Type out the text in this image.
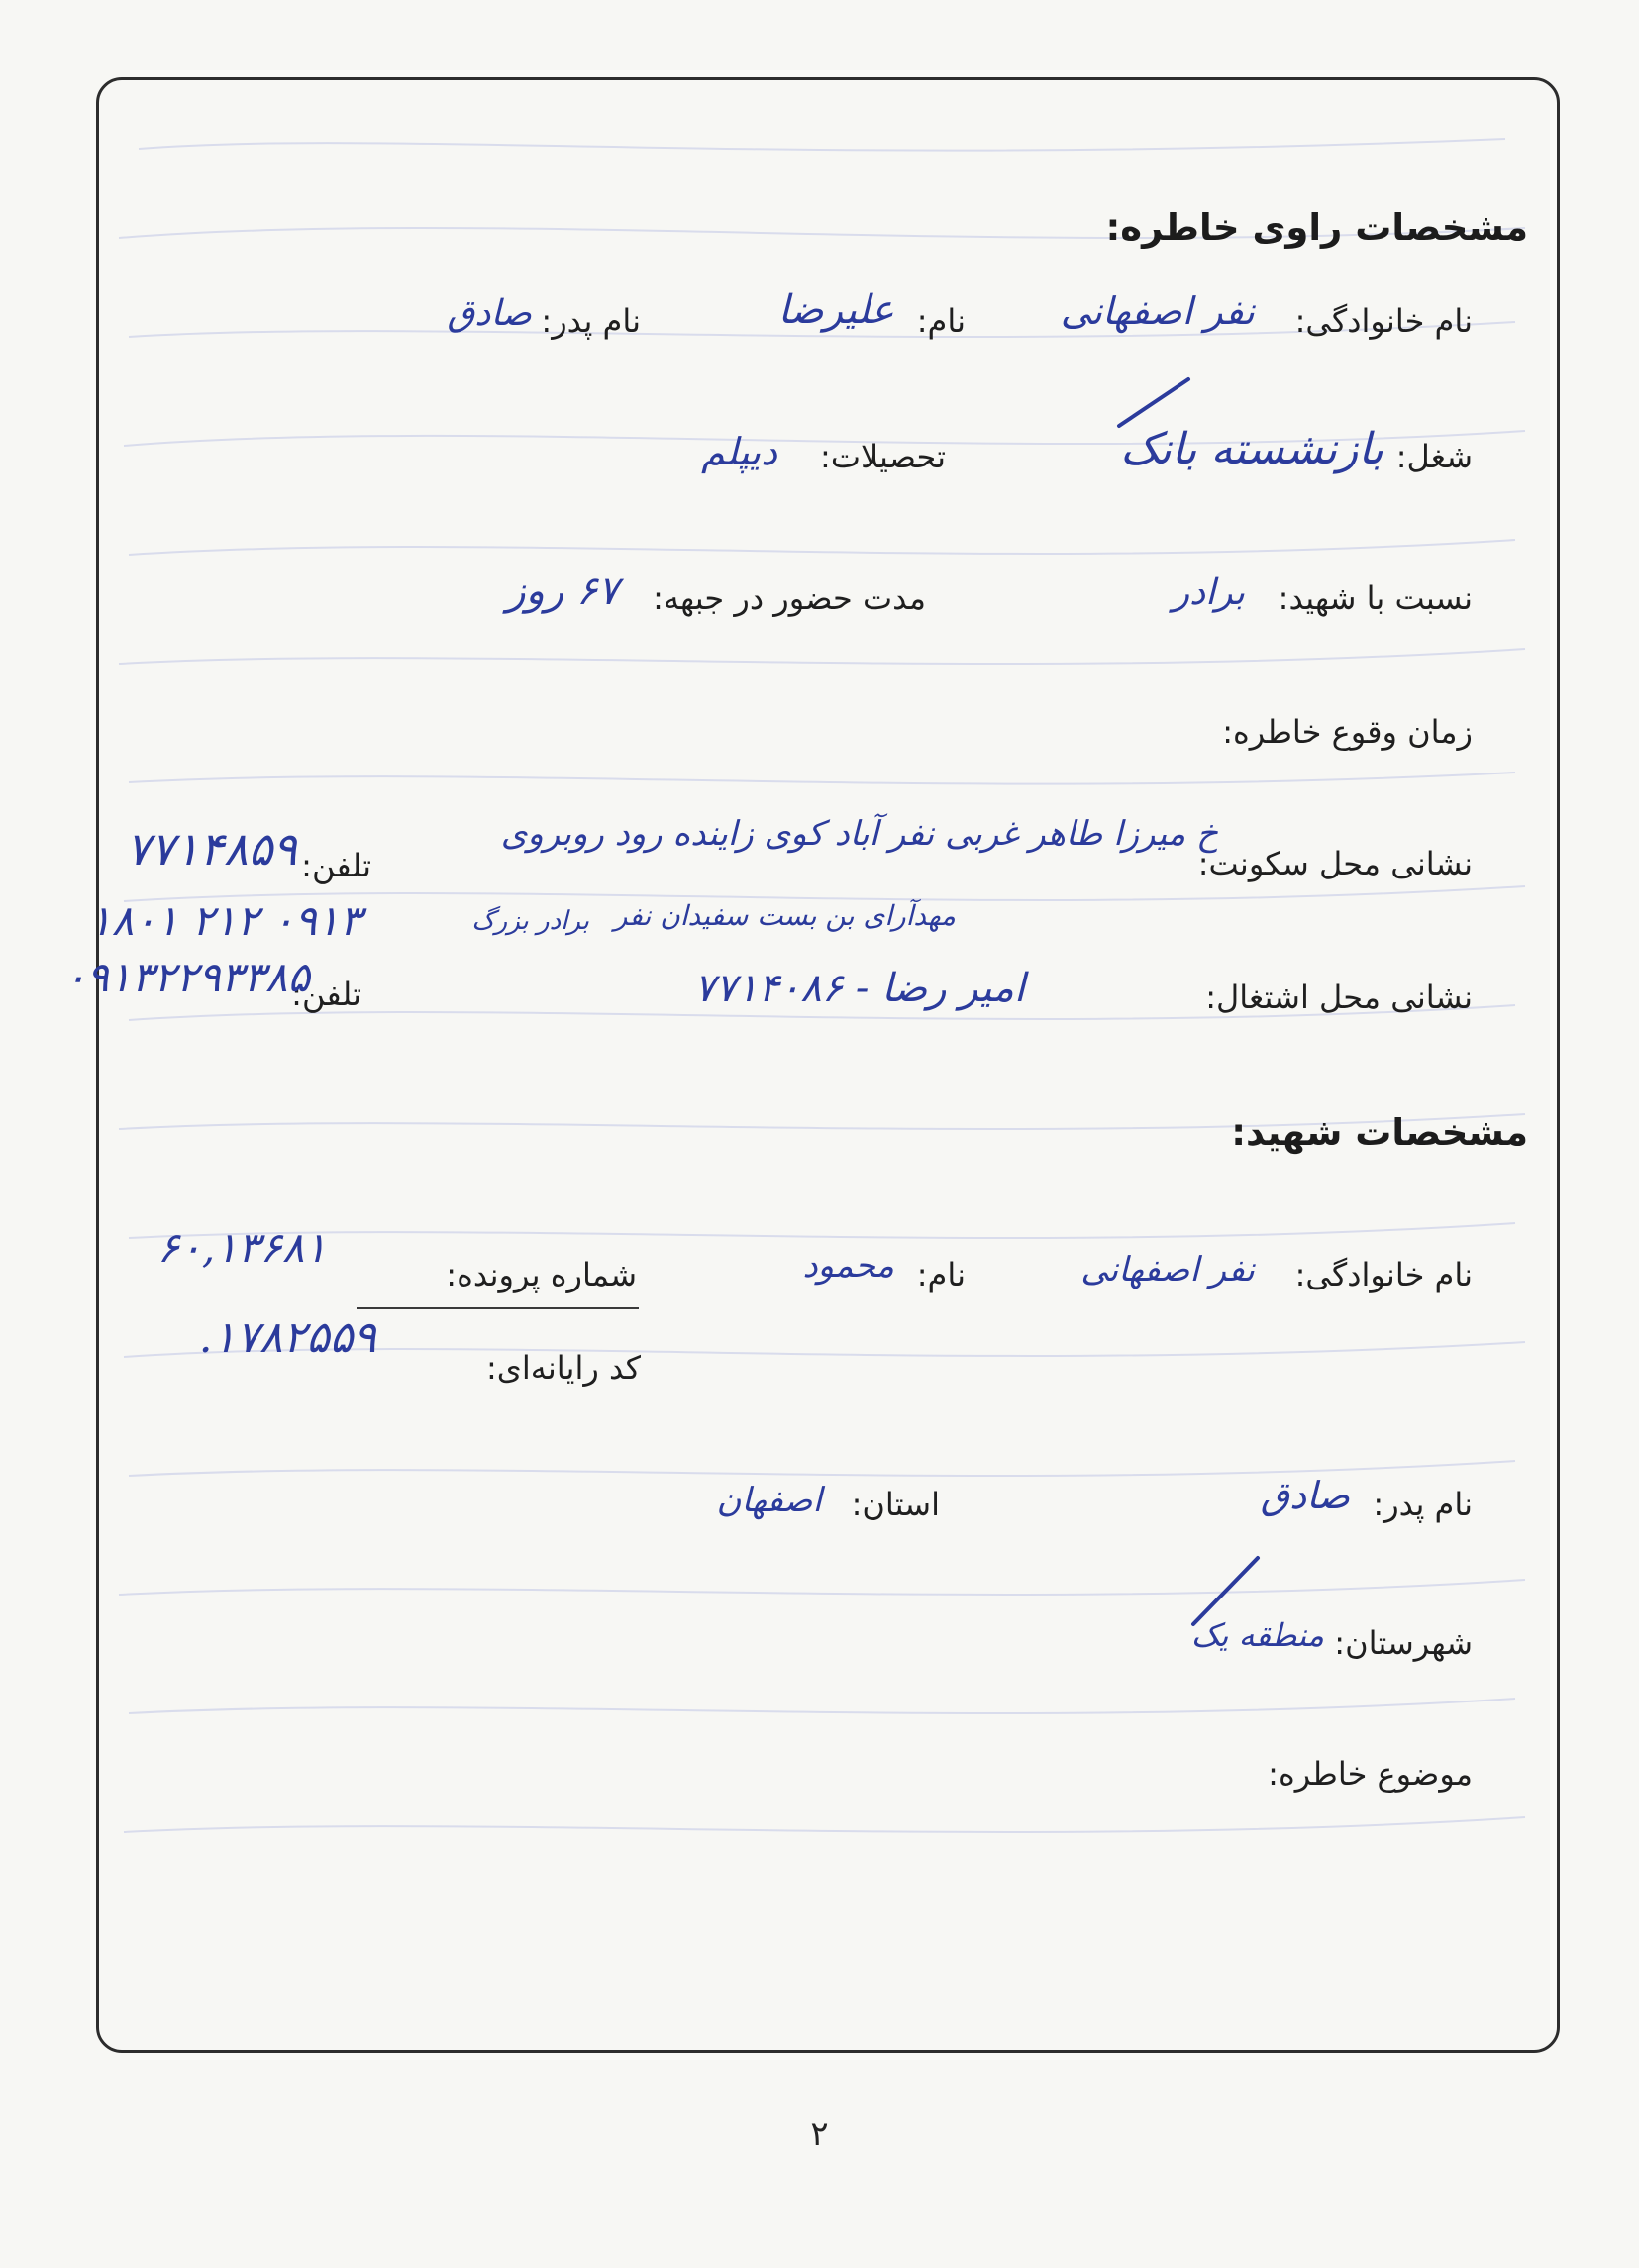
مشخصات راوی خاطره:
نام خانوادگی:
نفر اصفهانی
نام:
علیرضا
نام پدر:
صادق
شغل:
بازنشسته بانک
تحصیلات:
دیپلم
نسبت با شهید:
برادر
مدت حضور در جبهه:
۶۷ روز
زمان وقوع خاطره:
نشانی محل سکونت:
خ میرزا طاهر غربی نفر آباد کوی زاینده رود روبروی
مهدآرای بن بست سفیدان نفر
تلفن:
۷۷۱۴۸۵۹
برادر بزرگ
۰۹۱۳ ۲۱۲ ۱۸۰۱
نشانی محل اشتغال:
امیر رضا - ۷۷۱۴۰۸۶
تلفن:
۰۹۱۳۲۲۹۳۳۸۵
مشخصات شهید:
نام خانوادگی:
نفر اصفهانی
نام:
محمود
شماره پرونده:
۶۰,۱۳۶۸۱
کد رایانه‌ای:
۱۷۸۲۵۵۹.
نام پدر:
صادق
استان:
اصفهان
شهرستان:
منطقه یک
موضوع خاطره:
۲
